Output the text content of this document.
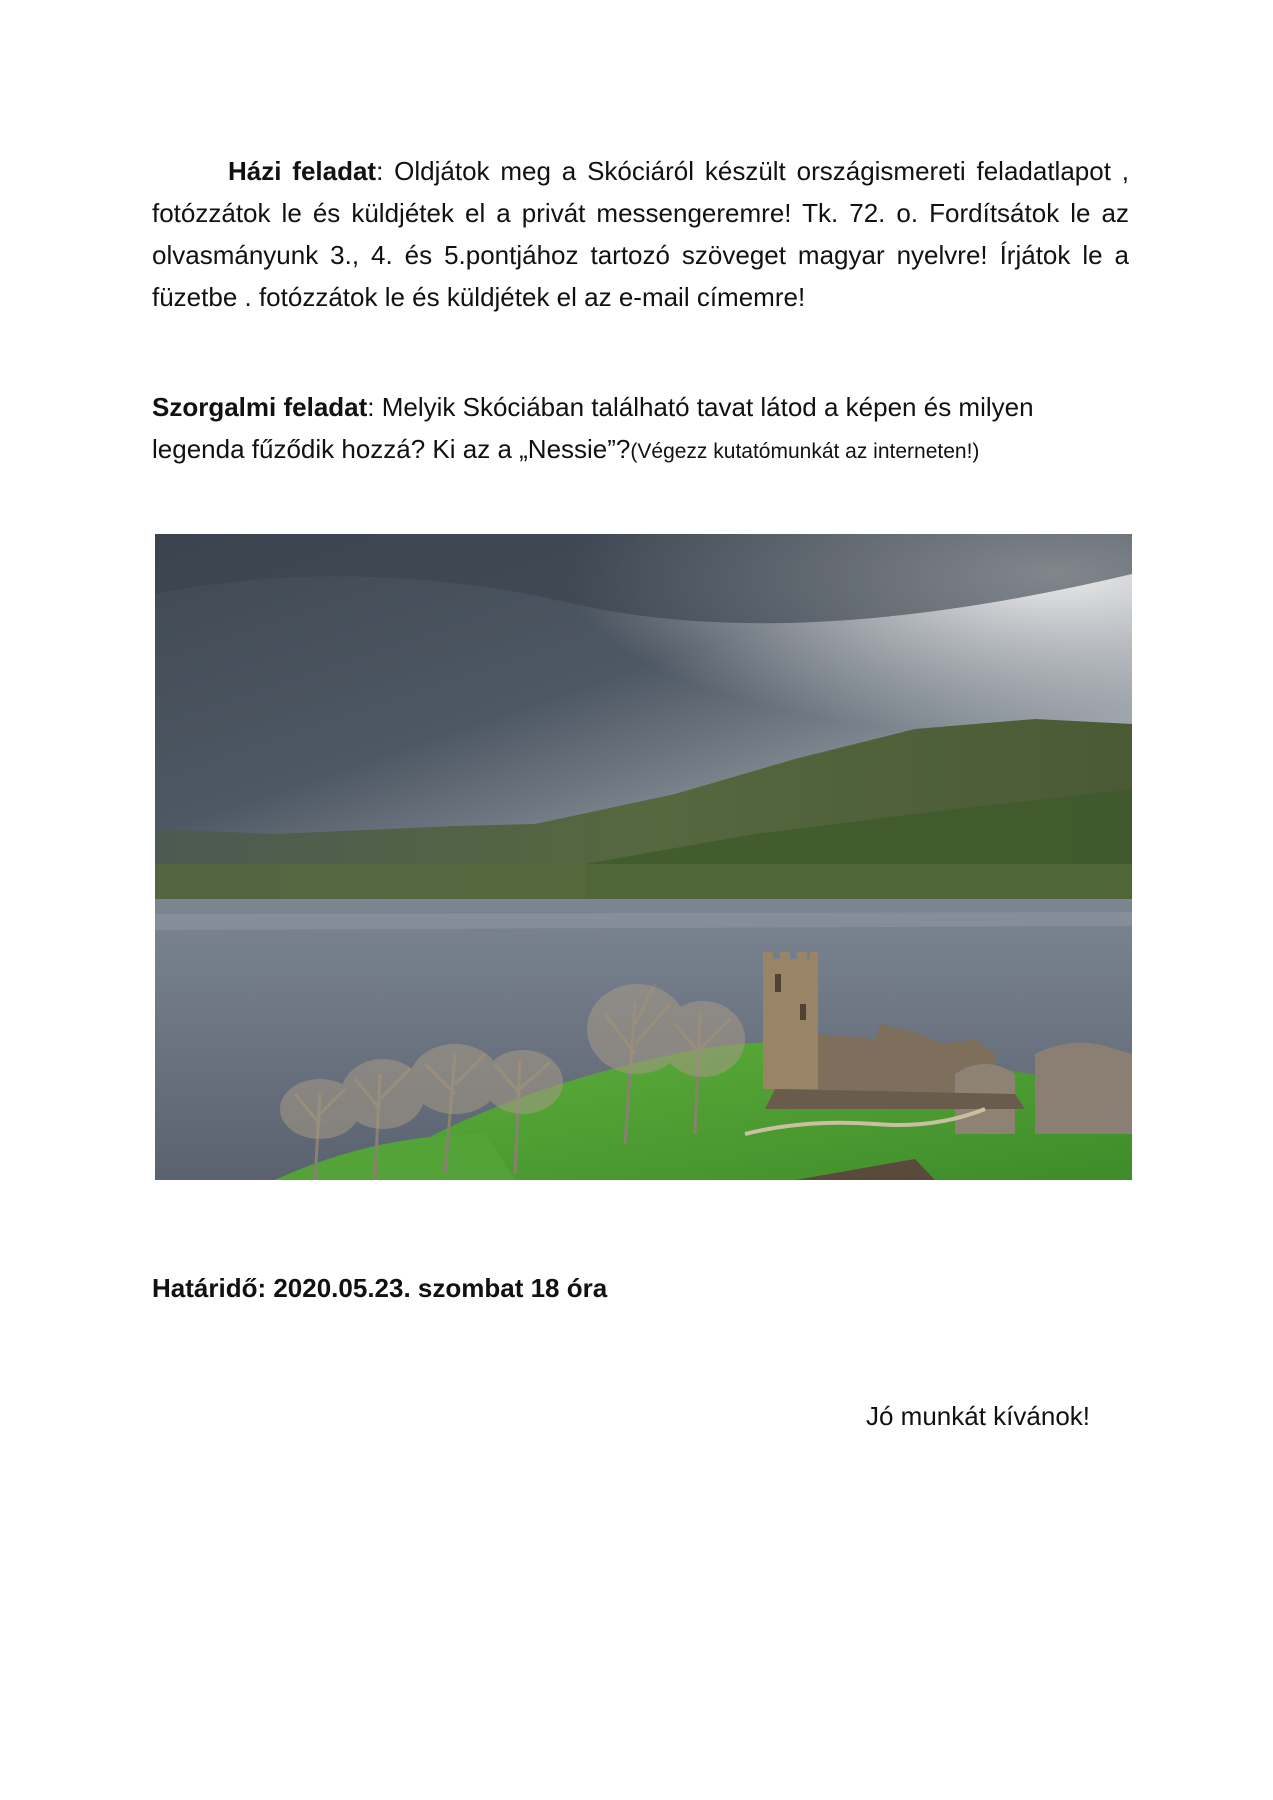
Házi feladat: Oldjátok meg a Skóciáról készült országismereti feladatlapot , fotózzátok le és küldjétek el a privát messengeremre! Tk. 72. o. Fordítsátok le az olvasmányunk 3., 4. és 5.pontjához tartozó szöveget magyar nyelvre! Írjátok le a füzetbe . fotózzátok le és küldjétek el az e-mail címemre!

Szorgalmi feladat: Melyik Skóciában található tavat látod a képen és milyen legenda fűződik hozzá? Ki az a „Nessie”?(Végezz kutatómunkát az interneten!)

Határidő: 2020.05.23. szombat 18 óra

Jó munkát kívánok!
